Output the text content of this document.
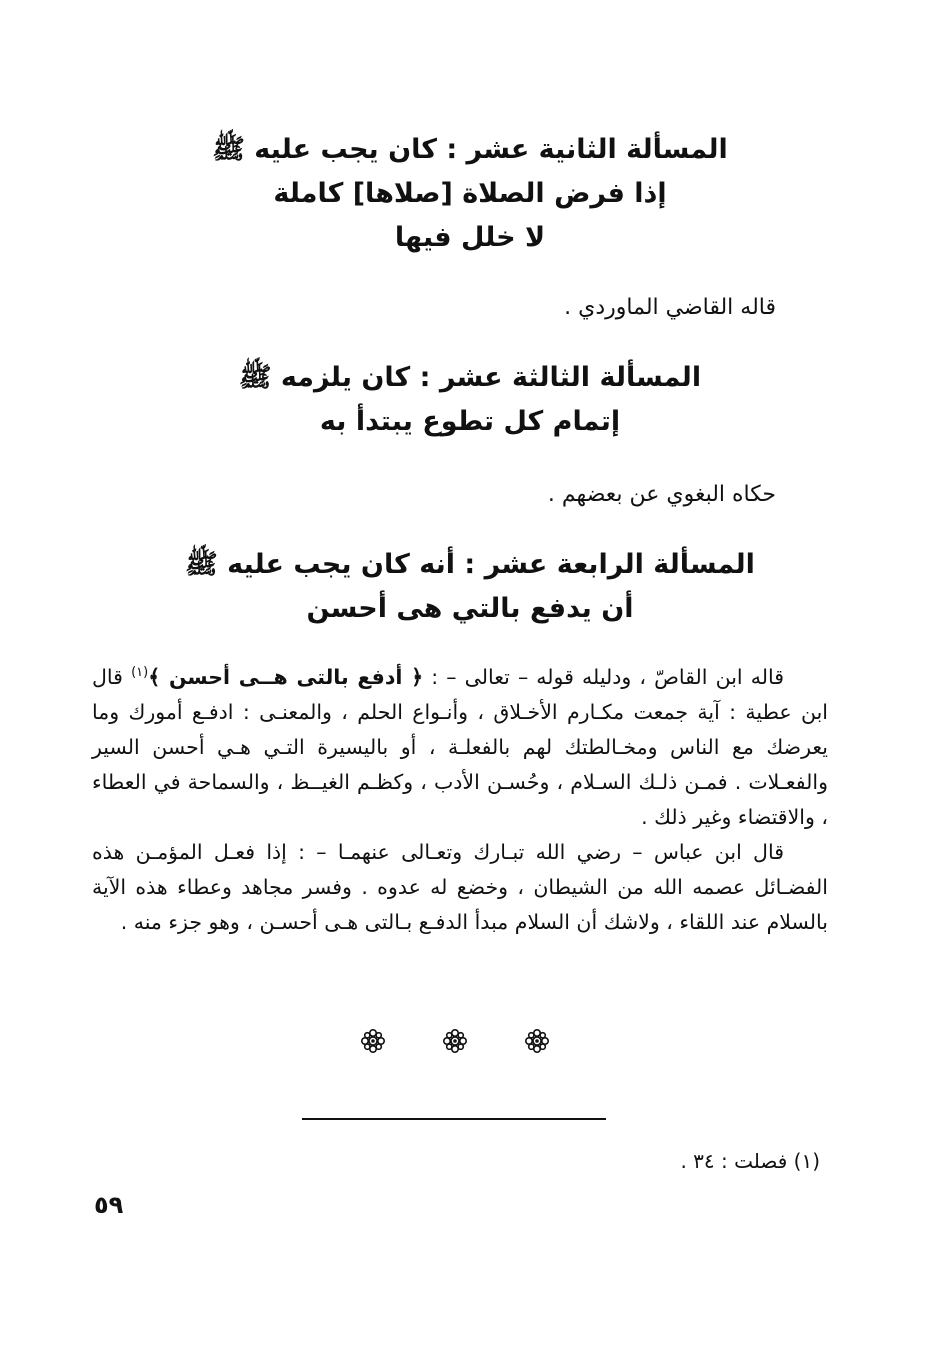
المسألة الثانية عشر : كان يجب عليه ﷺ
إذا فرض الصلاة [صلاها] كاملة
لا خلل فيها
قاله القاضي الماوردي .
المسألة الثالثة عشر : كان يلزمه ﷺ
إتمام كل تطوع يبتدأ به
حكاه البغوي عن بعضهم .
المسألة الرابعة عشر : أنه كان يجب عليه ﷺ
أن يدفع بالتي هى أحسن

قاله ابن القاصّ ، ودليله قوله – تعالى – : ﴿ أدفع بالتى هــى أحسن ﴾$^{(١)}$ قال ابن عطية : آية جمعت مكـارم الأخـلاق ، وأنـواع الحلم ، والمعنـى : ادفـع أمورك وما يعرضك مع الناس ومخـالطتك لهم بالفعلـة ، أو باليسيرة التـي هـي أحسن السير والفعـلات . فمـن ذلـك السـلام ، وحُسـن الأدب ، وكظـم الغيــظ ، والسماحة في العطاء ، والاقتضاء وغير ذلك .

قال ابن عباس – رضي الله تبـارك وتعـالى عنهمـا – : إذا فعـل المؤمـن هذه الفضـائل عصمه الله من الشيطان ، وخضع له عدوه . وفسر مجاهد وعطاء هذه الآية بالسلام عند اللقاء ، ولاشك أن السلام مبدأ الدفـع بـالتى هـى أحسـن ، وهو جزء منه .

(١) فصلت : ٣٤ .
٥٩
